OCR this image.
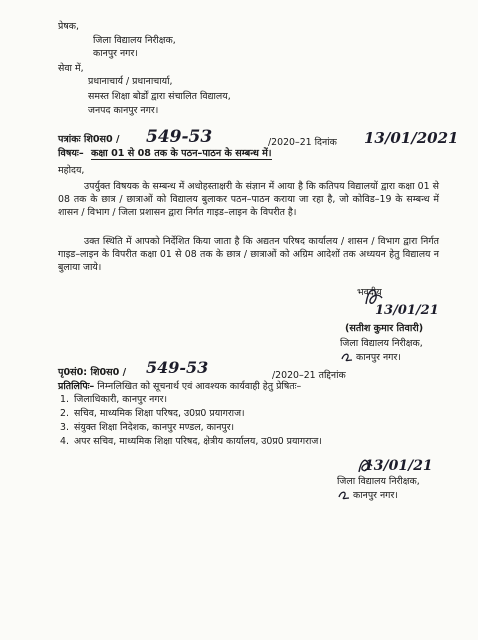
प्रेषक,
जिला विद्यालय निरीक्षक,
कानपुर नगर।
सेवा में,
प्रधानाचार्य / प्रधानाचार्या,
समस्त शिक्षा बोर्डों द्वारा संचालित विद्यालय,
जनपद कानपुर नगर।
पत्रांकः शि0स0 / 549-53	/2020–21 दिनांक 13/01/2021
विषयः– कक्षा 01 से 08 तक के पठन–पाठन के सम्बन्ध में।
महोदय,
उपर्युक्त विषयक के सम्बन्ध में अधोहस्ताक्षरी के संज्ञान में आया है कि कतिपय विद्यालयों द्वारा कक्षा 01 से 08 तक के छात्र / छात्राओं को विद्यालय बुलाकर पठन–पाठन कराया जा रहा है, जो कोविड–19 के सम्बन्ध में शासन / विभाग / जिला प्रशासन द्वारा निर्गत गाइड–लाइन के विपरीत है।
उक्त स्थिति में आपको निर्देशित किया जाता है कि अद्यतन परिषद कार्यालय / शासन / विभाग द्वारा निर्गत गाइड–लाइन के विपरीत कक्षा 01 से 08 तक के छात्र / छात्राओं को अग्रिम आदेशों तक अध्ययन हेतु विद्यालय न बुलाया जाये।
भवदीय
13/01/21
(सतीश कुमार तिवारी)
जिला विद्यालय निरीक्षक,
कानपुर नगर।
पृ0सं0: शि0स0 / 549-53	/2020–21 तद्दिनांक
प्रतिलिपिः– निम्नलिखित को सूचनार्थ एवं आवश्यक कार्यवाही हेतु प्रेषितः–
1. जिलाधिकारी, कानपुर नगर।
2. सचिव, माध्यमिक शिक्षा परिषद, उ0प्र0 प्रयागराज।
3. संयुक्त शिक्षा निदेशक, कानपुर मण्डल, कानपुर।
4. अपर सचिव, माध्यमिक शिक्षा परिषद, क्षेत्रीय कार्यालय, उ0प्र0 प्रयागराज।
13/01/21
जिला विद्यालय निरीक्षक,
कानपुर नगर।
